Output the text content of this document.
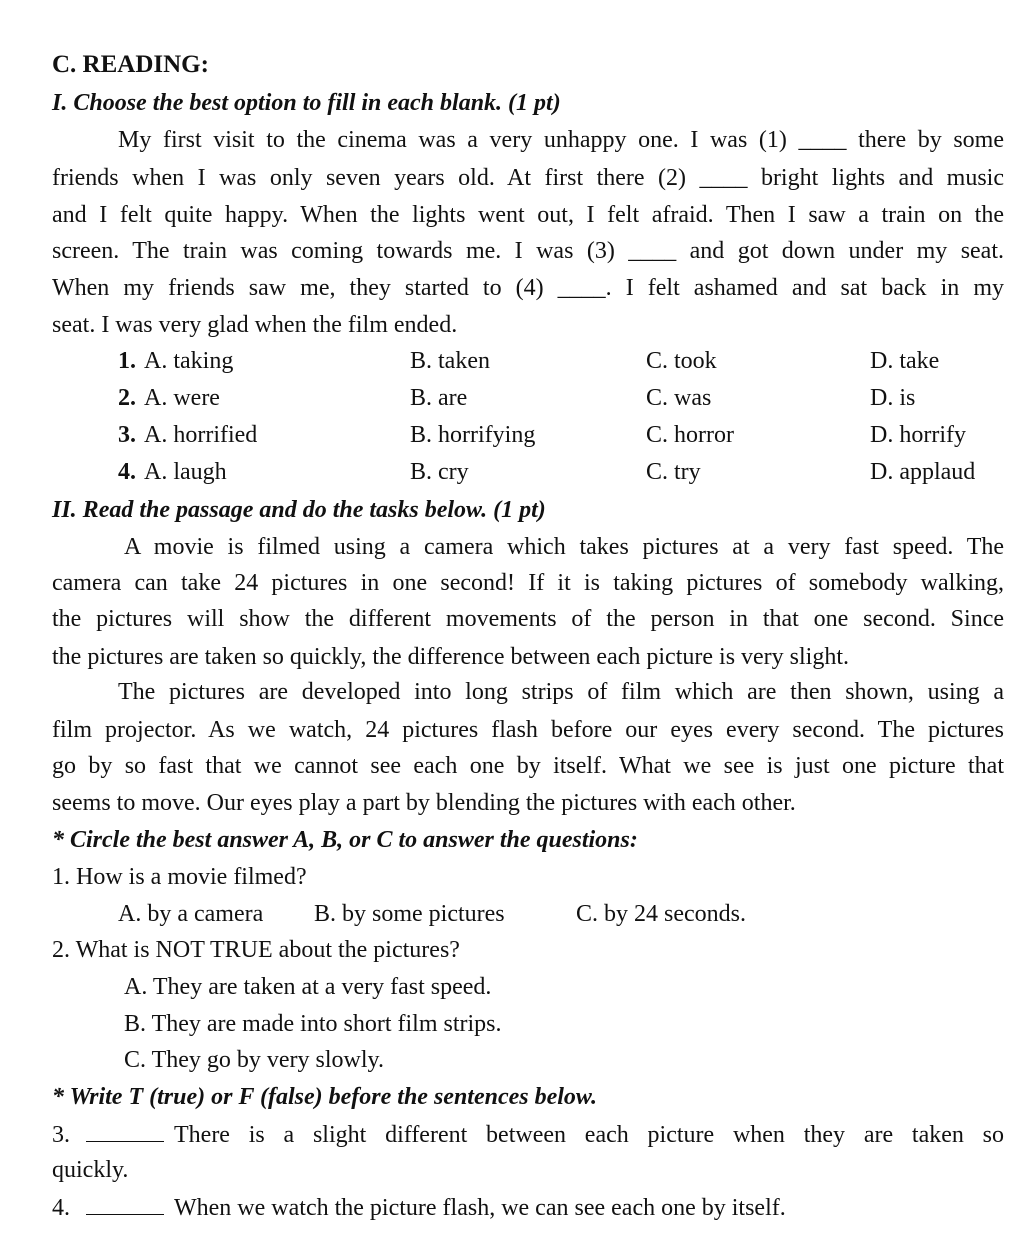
C. READING:
I. Choose the best option to fill in each blank. (1 pt)
My first visit to the cinema was a very unhappy one. I was (1) ____ there by some
friends when I was only seven years old. At first there (2) ____ bright lights and music
and I felt quite happy. When the lights went out, I felt afraid. Then I saw a train on the
screen. The train was coming towards me. I was (3) ____ and got down under my seat.
When my friends saw me, they started to (4) ____. I felt ashamed and sat back in my
seat. I was very glad when the film ended.
1. A. taking	B. taken	C. took	D. take
2. A. were	B. are	C. was	D. is
3. A. horrified	B. horrifying	C. horror	D. horrify
4. A. laugh	B. cry	C. try	D. applaud
II. Read the passage and do the tasks below. (1 pt)
A movie is filmed using a camera which takes pictures at a very fast speed. The
camera can take 24 pictures in one second! If it is taking pictures of somebody walking,
the pictures will show the different movements of the person in that one second. Since
the pictures are taken so quickly, the difference between each picture is very slight.
The pictures are developed into long strips of film which are then shown, using a
film projector. As we watch, 24 pictures flash before our eyes every second. The pictures
go by so fast that we cannot see each one by itself. What we see is just one picture that
seems to move. Our eyes play a part by blending the pictures with each other.
* Circle the best answer A, B, or C to answer the questions:
1. How is a movie filmed?
A. by a camera B. by some pictures	C. by 24 seconds.
2. What is NOT TRUE about the pictures?
A. They are taken at a very fast speed.
B. They are made into short film strips.
C. They go by very slowly.
* Write T (true) or F (false) before the sentences below.
3.	There is a slight different between each picture when they are taken so
quickly.
4.	When we watch the picture flash, we can see each one by itself.
